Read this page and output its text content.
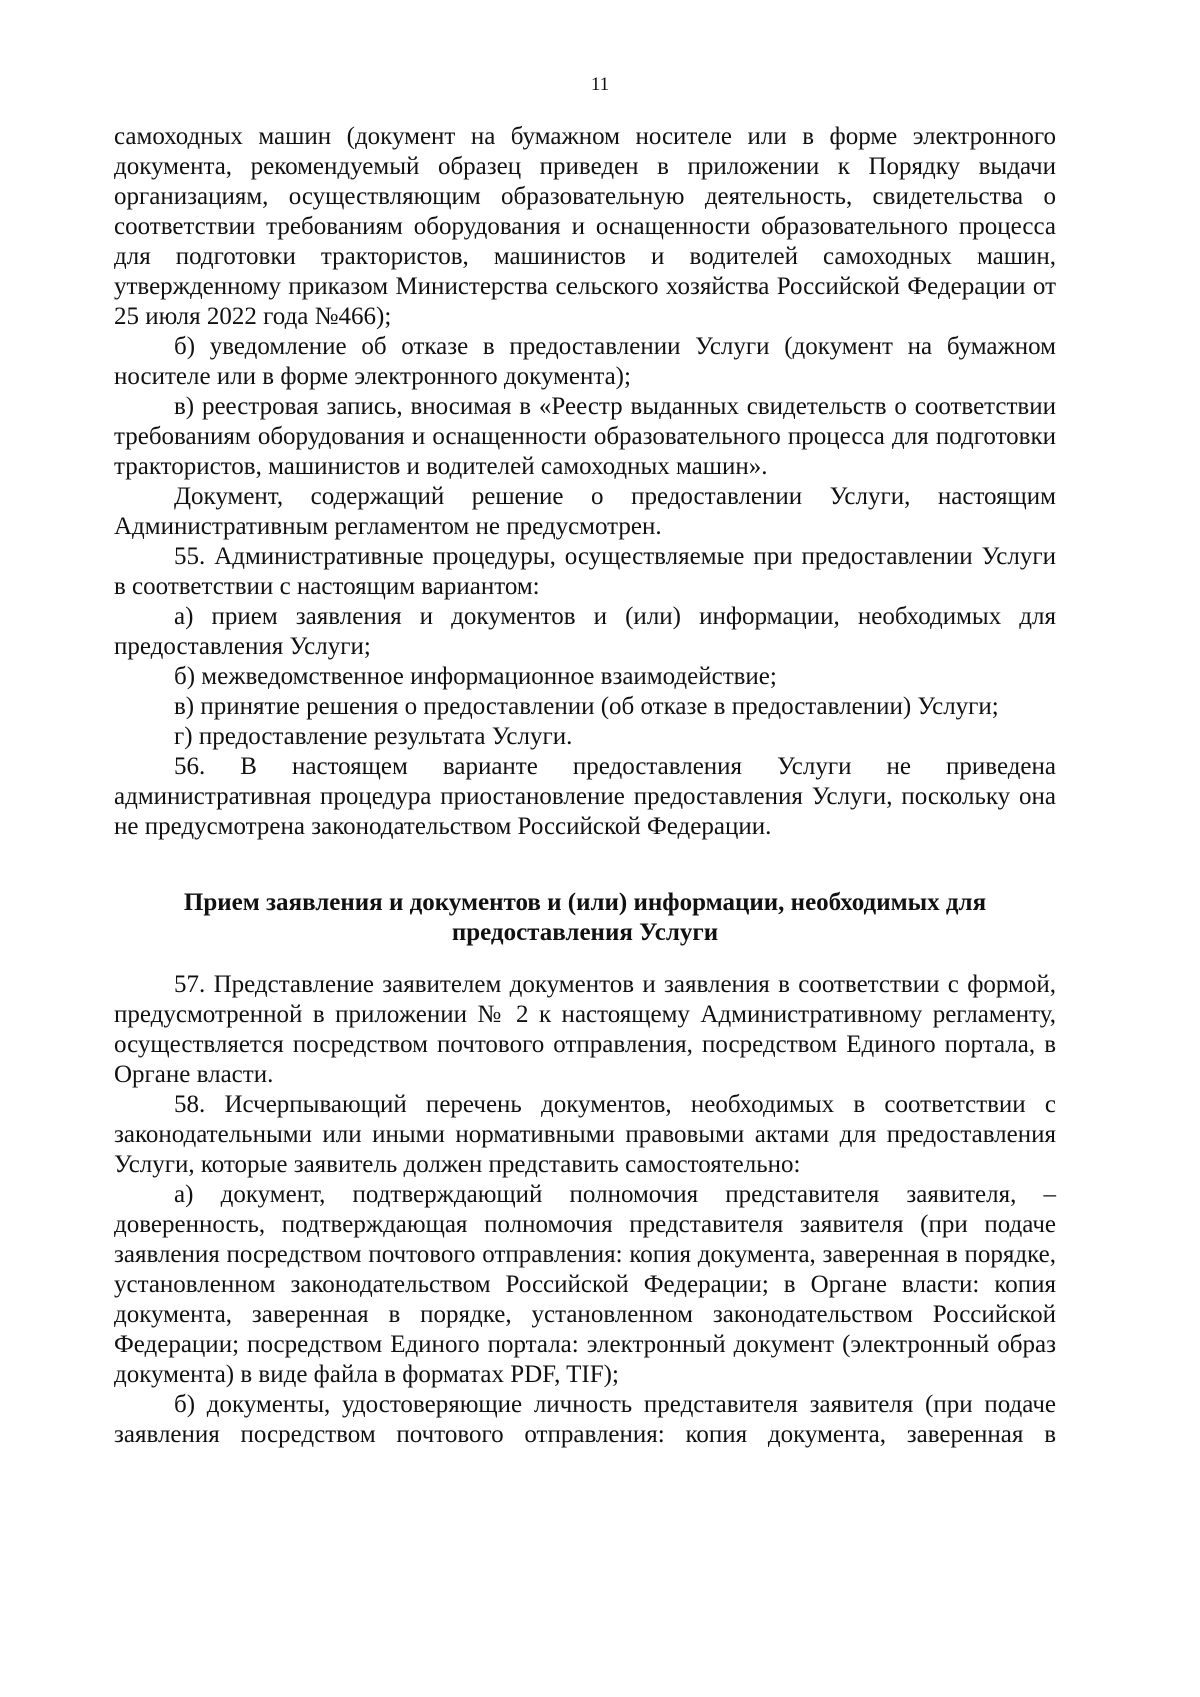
11

самоходных машин (документ на бумажном носителе или в форме электронного документа, рекомендуемый образец приведен в приложении к Порядку выдачи организациям, осуществляющим образовательную деятельность, свидетельства о соответствии требованиям оборудования и оснащенности образовательного процесса для подготовки трактористов, машинистов и водителей самоходных машин, утвержденному приказом Министерства сельского хозяйства Российской Федерации от 25 июля 2022 года №466);

б) уведомление об отказе в предоставлении Услуги (документ на бумажном носителе или в форме электронного документа);

в) реестровая запись, вносимая в «Реестр выданных свидетельств о соответствии требованиям оборудования и оснащенности образовательного процесса для подготовки трактористов, машинистов и водителей самоходных машин».

Документ, содержащий решение о предоставлении Услуги, настоящим Административным регламентом не предусмотрен.

55. Административные процедуры, осуществляемые при предоставлении Услуги в соответствии с настоящим вариантом:

а) прием заявления и документов и (или) информации, необходимых для предоставления Услуги;

б) межведомственное информационное взаимодействие;

в) принятие решения о предоставлении (об отказе в предоставлении) Услуги;

г) предоставление результата Услуги.

56. В настоящем варианте предоставления Услуги не приведена административная процедура приостановление предоставления Услуги, поскольку она не предусмотрена законодательством Российской Федерации.

Прием заявления и документов и (или) информации, необходимых для предоставления Услуги

57. Представление заявителем документов и заявления в соответствии с формой, предусмотренной в приложении № 2 к настоящему Административному регламенту, осуществляется посредством почтового отправления, посредством Единого портала, в Органе власти.

58. Исчерпывающий перечень документов, необходимых в соответствии с законодательными или иными нормативными правовыми актами для предоставления Услуги, которые заявитель должен представить самостоятельно:

а) документ, подтверждающий полномочия представителя заявителя, – доверенность, подтверждающая полномочия представителя заявителя (при подаче заявления посредством почтового отправления: копия документа, заверенная в порядке, установленном законодательством Российской Федерации; в Органе власти: копия документа, заверенная в порядке, установленном законодательством Российской Федерации; посредством Единого портала: электронный документ (электронный образ документа) в виде файла в форматах PDF, TIF);

б) документы, удостоверяющие личность представителя заявителя (при подаче заявления посредством почтового отправления: копия документа, заверенная в
